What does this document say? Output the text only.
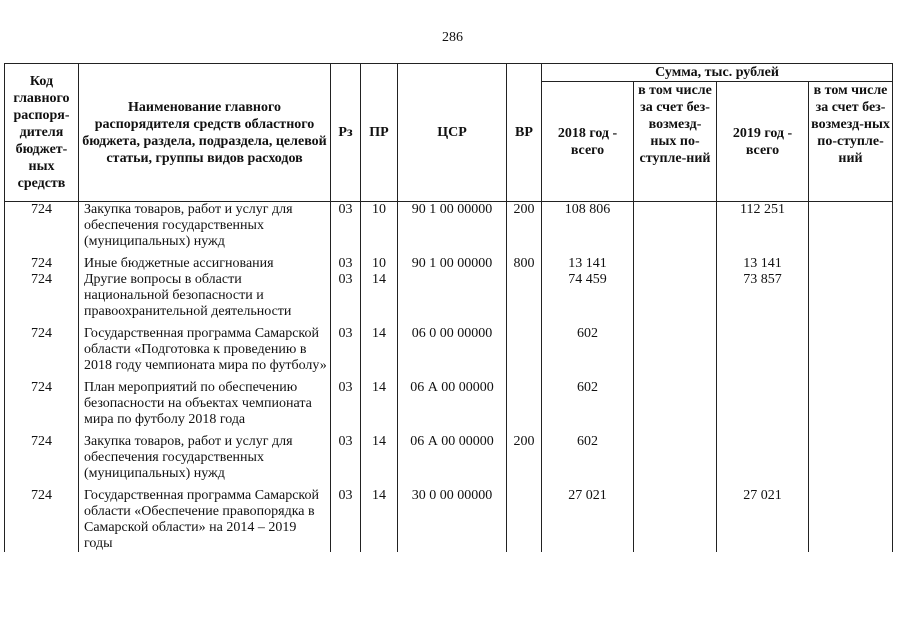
286
Код главного распоря-дителя бюджет-ных средств	Наименование главного распорядителя средств областного бюджета, раздела, подраздела, целевой статьи, группы видов расходов	Рз	ПР	ЦСР	ВР	Сумма, тыс. рублей			
						2018 год - всего	в том числе за счет без-возмезд-ных по-ступле-ний	2019 год - всего	в том числе за счет без-возмезд-ных по-ступле-ний
724	Закупка товаров, работ и услуг для обеспечения государственных (муниципальных) нужд	03	10	90 1 00 00000	200	108 806		112 251	
724	Иные бюджетные ассигнования	03	10	90 1 00 00000	800	13 141		13 141	
724	Другие вопросы в области национальной безопасности и правоохранительной деятельности	03	14			74 459		73 857	
724	Государственная программа Самарской области «Подготовка к проведению в 2018 году чемпионата мира по футболу»	03	14	06 0 00 00000		602			
724	План мероприятий по обеспечению безопасности на объектах чемпионата мира по футболу 2018 года	03	14	06 А 00 00000		602			
724	Закупка товаров, работ и услуг для обеспечения государственных (муниципальных) нужд	03	14	06 А 00 00000	200	602			
724	Государственная программа Самарской области «Обеспечение правопорядка в Самарской области» на 2014 – 2019 годы	03	14	30 0 00 00000		27 021		27 021	
